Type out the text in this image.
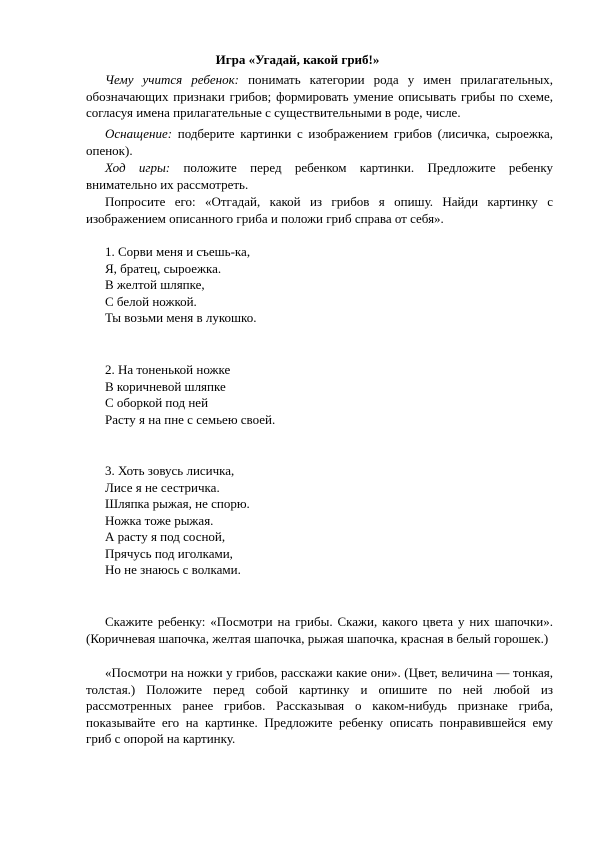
Игра «Угадай, какой гриб!»

Чему учится ребенок: понимать категории рода у имен прилагательных, обозначающих признаки грибов; формировать умение описывать грибы по схеме, согласуя имена прилагательные с существительными в роде, числе.

Оснащение: подберите картинки с изображением грибов (лисичка, сыроежка, опенок).

Ход игры: положите перед ребенком картинки. Предложите ребенку внимательно их рассмотреть.

Попросите его: «Отгадай, какой из грибов я опишу. Найди картинку с изображением описанного гриба и положи гриб справа от себя».

1. Сорви меня и съешь-ка,
Я, братец, сыроежка.
В желтой шляпке,
С белой ножкой.
Ты возьми меня в лукошко.
2. На тоненькой ножке
В коричневой шляпке
С оборкой под ней
Расту я на пне с семьею своей.
3. Хоть зовусь лисичка,
Лисе я не сестричка.
Шляпка рыжая, не спорю.
Ножка тоже рыжая.
А расту я под сосной,
Прячусь под иголками,
Но не знаюсь с волками.

Скажите ребенку: «Посмотри на грибы. Скажи, какого цвета у них шапочки». (Коричневая шапочка, желтая шапочка, рыжая шапочка, красная в белый горошек.)

«Посмотри на ножки у грибов, расскажи какие они». (Цвет, величина — тонкая, толстая.) Положите перед собой картинку и опишите по ней любой из рассмотренных ранее грибов. Рассказывая о каком-нибудь признаке гриба, показывайте его на картинке. Предложите ребенку описать понравившейся ему гриб с опорой на картинку.
